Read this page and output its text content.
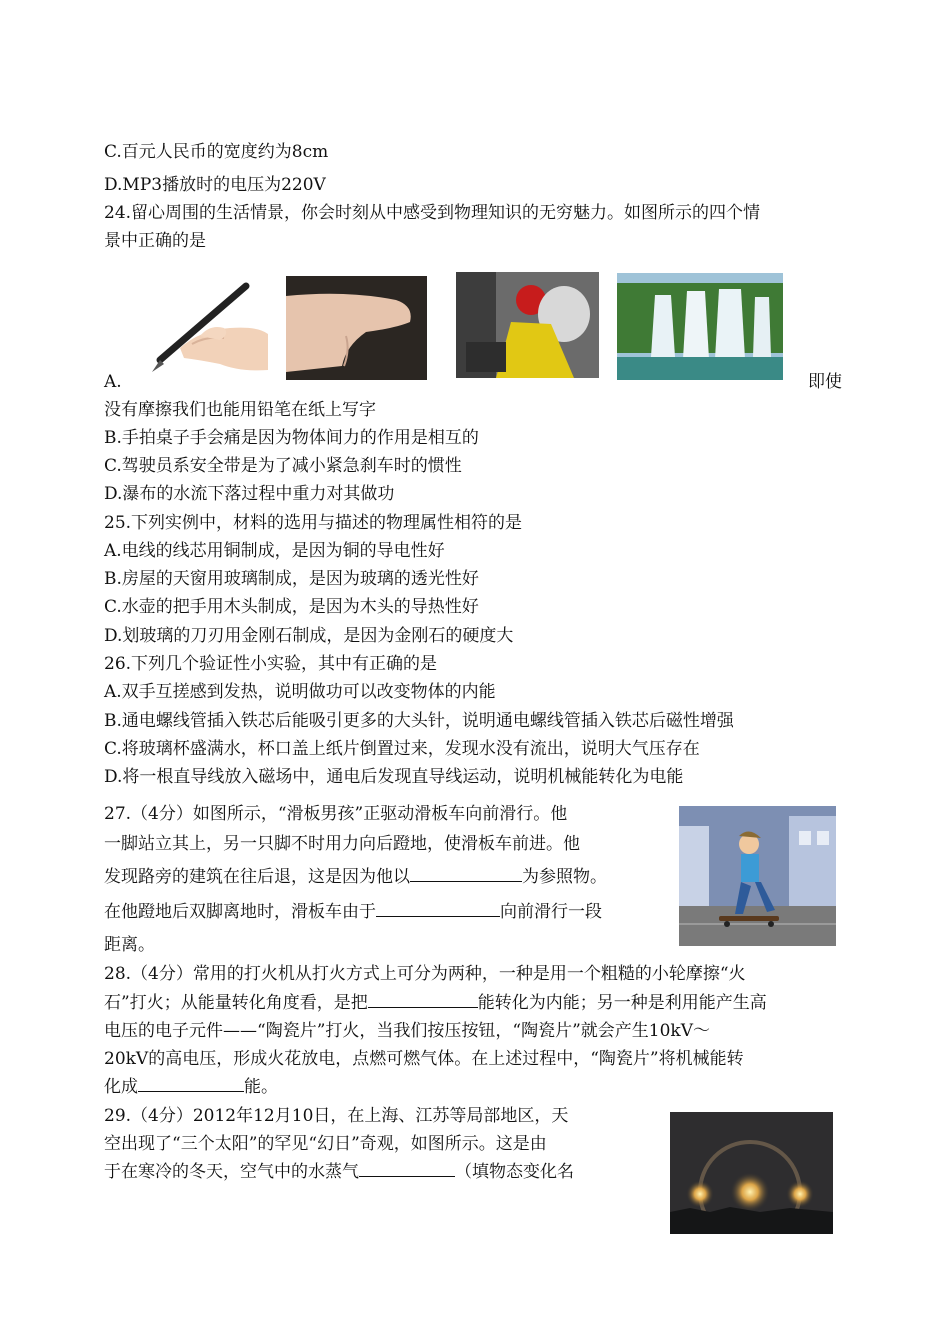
C.百元人民币的宽度约为8cm
D.MP3播放时的电压为220V
24.留心周围的生活情景，你会时刻从中感受到物理知识的无穷魅力。如图所示的四个情
景中正确的是
A.	即使
没有摩擦我们也能用铅笔在纸上写字
B.手拍桌子手会痛是因为物体间力的作用是相互的
C.驾驶员系安全带是为了减小紧急刹车时的惯性
D.瀑布的水流下落过程中重力对其做功
25.下列实例中，材料的选用与描述的物理属性相符的是
A.电线的线芯用铜制成，是因为铜的导电性好
B.房屋的天窗用玻璃制成，是因为玻璃的透光性好
C.水壶的把手用木头制成，是因为木头的导热性好
D.划玻璃的刀刃用金刚石制成，是因为金刚石的硬度大
26.下列几个验证性小实验，其中有正确的是
A.双手互搓感到发热，说明做功可以改变物体的内能
B.通电螺线管插入铁芯后能吸引更多的大头针，说明通电螺线管插入铁芯后磁性增强
C.将玻璃杯盛满水，杯口盖上纸片倒置过来，发现水没有流出，说明大气压存在
D.将一根直导线放入磁场中，通电后发现直导线运动，说明机械能转化为电能
27.（4分）如图所示，“滑板男孩”正驱动滑板车向前滑行。他
一脚站立其上，另一只脚不时用力向后蹬地，使滑板车前进。他
发现路旁的建筑在往后退，这是因为他以	为参照物。
在他蹬地后双脚离地时，滑板车由于	向前滑行一段
距离。
28.（4分）常用的打火机从打火方式上可分为两种，一种是用一个粗糙的小轮摩擦“火
石”打火；从能量转化角度看，是把	能转化为内能；另一种是利用能产生高
电压的电子元件——“陶瓷片”打火，当我们按压按钮，“陶瓷片”就会产生10kV～
20kV的高电压，形成火花放电，点燃可燃气体。在上述过程中，“陶瓷片”将机械能转
化成	能。
29.（4分）2012年12月10日，在上海、江苏等局部地区，天
空出现了“三个太阳”的罕见“幻日”奇观，如图所示。这是由
于在寒冷的冬天，空气中的水蒸气	（填物态变化名
